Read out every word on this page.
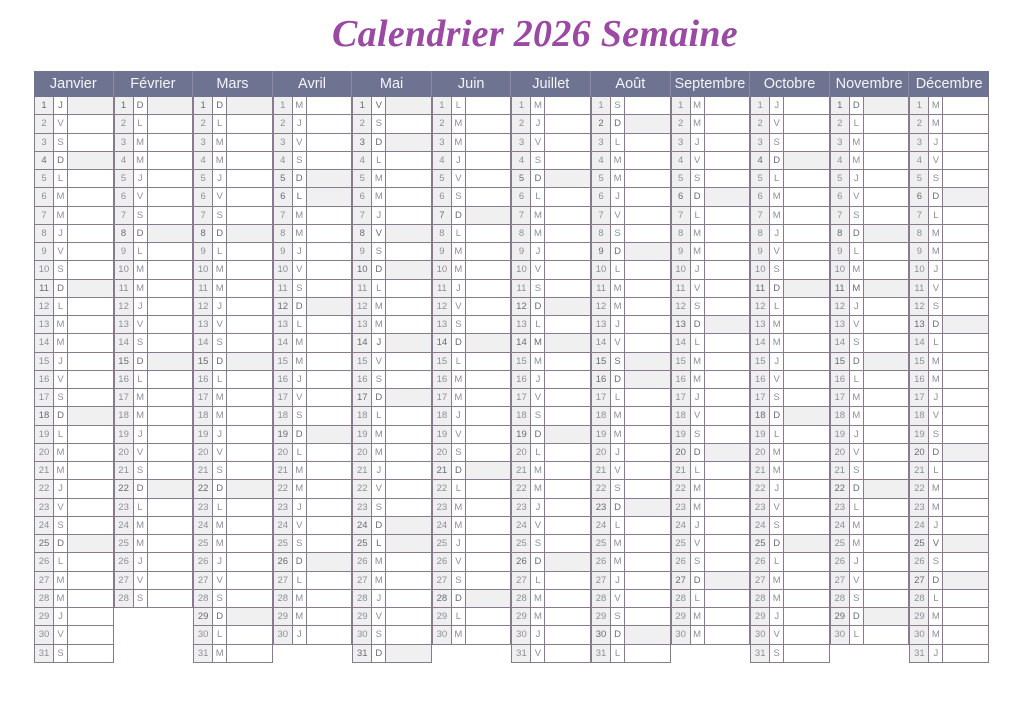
Calendrier 2026 Semaine
Janvier
1	J
2	V
3	S
4	D
5	L
6	M
7	M
8	J
9	V
10 S
11 D
12 L
13 M
14 M
15 J
16 V
17 S
18 D
19 L
20 M
21 M
22 J
23 V
24 S
25 D
26 L
27 M
28 M
29 J
30 V
31 S
Février
1	D
2	L
3	M
4	M
5	J
6	V
7	S
8	D
9	L
10 M
11 M
12 J
13 V
14 S
15 D
16 L
17 M
18 M
19 J
20 V
21 S
22 D
23 L
24 M
25 M
26 J
27 V
28 S
Mars
1	D
2	L
3	M
4	M
5	J
6	V
7	S
8	D
9	L
10 M
11 M
12 J
13 V
14 S
15 D
16 L
17 M
18 M
19 J
20 V
21 S
22 D
23 L
24 M
25 M
26 J
27 V
28 S
29 D
30 L
31 M
Avril
1	M
2	J
3	V
4	S
5	D
6	L
7	M
8	M
9	J
10 V
11 S
12 D
13 L
14 M
15 M
16 J
17 V
18 S
19 D
20 L
21 M
22 M
23 J
24 V
25 S
26 D
27 L
28 M
29 M
30 J
Mai
1	V
2	S
3	D
4	L
5	M
6	M
7	J
8	V
9	S
10 D
11 L
12 M
13 M
14 J
15 V
16 S
17 D
18 L
19 M
20 M
21 J
22 V
23 S
24 D
25 L
26 M
27 M
28 J
29 V
30 S
31 D
Juin
1	L
2	M
3	M
4	J
5	V
6	S
7	D
8	L
9	M
10 M
11 J
12 V
13 S
14 D
15 L
16 M
17 M
18 J
19 V
20 S
21 D
22 L
23 M
24 M
25 J
26 V
27 S
28 D
29 L
30 M
Juillet
1	M
2	J
3	V
4	S
5	D
6	L
7	M
8	M
9	J
10 V
11 S
12 D
13 L
14 M
15 M
16 J
17 V
18 S
19 D
20 L
21 M
22 M
23 J
24 V
25 S
26 D
27 L
28 M
29 M
30 J
31 V
Août
1	S
2	D
3	L
4	M
5	M
6	J
7	V
8	S
9	D
10 L
11 M
12 M
13 J
14 V
15 S
16 D
17 L
18 M
19 M
20 J
21 V
22 S
23 D
24 L
25 M
26 M
27 J
28 V
29 S
30 D
31 L
Septembre
1	M
2	M
3	J
4	V
5	S
6	D
7	L
8	M
9	M
10 J
11 V
12 S
13 D
14 L
15 M
16 M
17 J
18 V
19 S
20 D
21 L
22 M
23 M
24 J
25 V
26 S
27 D
28 L
29 M
30 M
Octobre
1	J
2	V
3	S
4	D
5	L
6	M
7	M
8	J
9	V
10 S
11 D
12 L
13 M
14 M
15 J
16 V
17 S
18 D
19 L
20 M
21 M
22 J
23 V
24 S
25 D
26 L
27 M
28 M
29 J
30 V
31 S
Novembre
1	D
2	L
3	M
4	M
5	J
6	V
7	S
8	D
9	L
10 M
11 M
12 J
13 V
14 S
15 D
16 L
17 M
18 M
19 J
20 V
21 S
22 D
23 L
24 M
25 M
26 J
27 V
28 S
29 D
30 L
Décembre
1	M
2	M
3	J
4	V
5	S
6	D
7	L
8	M
9	M
10 J
11 V
12 S
13 D
14 L
15 M
16 M
17 J
18 V
19 S
20 D
21 L
22 M
23 M
24 J
25 V
26 S
27 D
28 L
29 M
30 M
31 J
